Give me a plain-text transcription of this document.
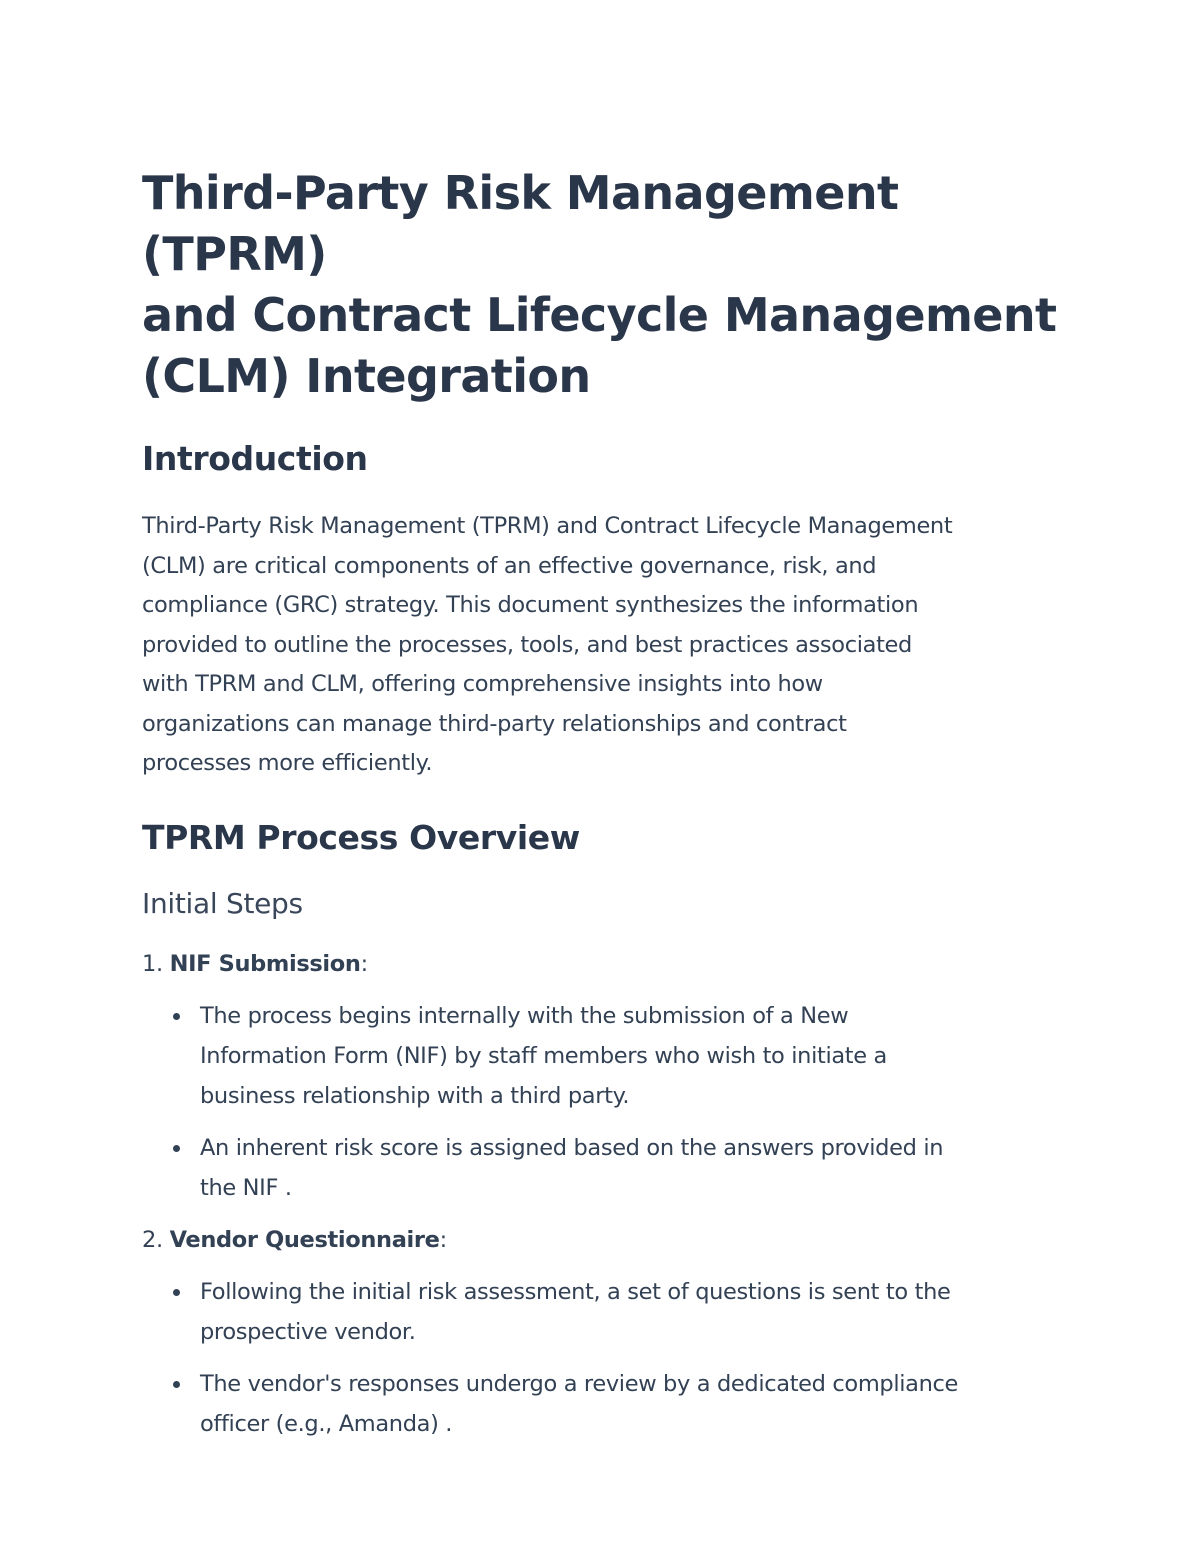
Third-Party Risk Management (TPRM)
and Contract Lifecycle Management
(CLM) Integration
Introduction

Third-Party Risk Management (TPRM) and Contract Lifecycle Management
(CLM) are critical components of an effective governance, risk, and
compliance (GRC) strategy. This document synthesizes the information
provided to outline the processes, tools, and best practices associated
with TPRM and CLM, offering comprehensive insights into how
organizations can manage third-party relationships and contract
processes more efficiently.

TPRM Process Overview
Initial Steps
1. NIF Submission:
The process begins internally with the submission of a New
Information Form (NIF) by staff members who wish to initiate a
business relationship with a third party.
An inherent risk score is assigned based on the answers provided in
the NIF .
2. Vendor Questionnaire:
Following the initial risk assessment, a set of questions is sent to the
prospective vendor.
The vendor's responses undergo a review by a dedicated compliance
officer (e.g., Amanda) .
